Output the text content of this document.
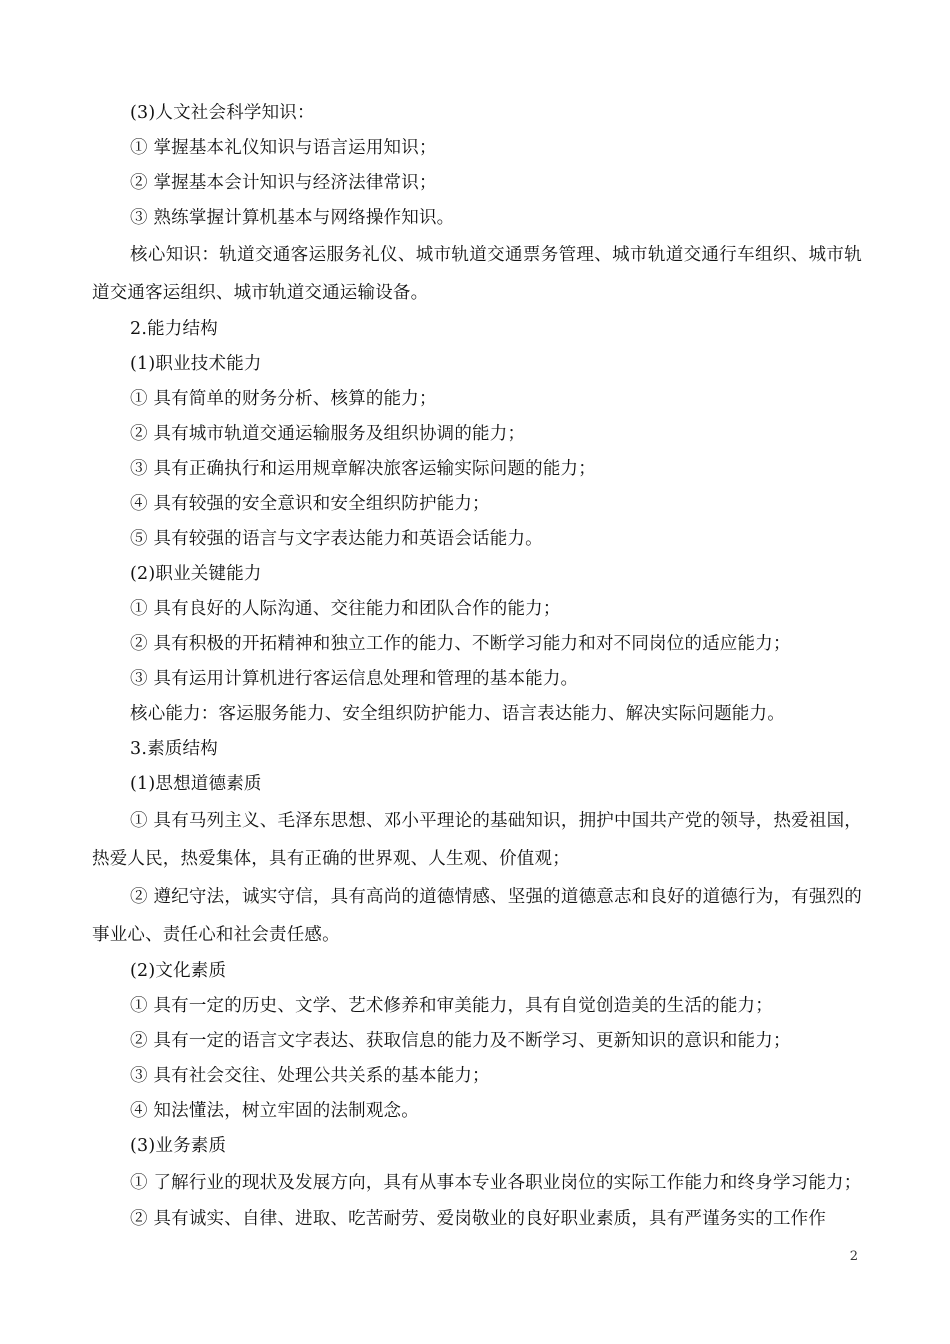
(3)人文社会科学知识：
① 掌握基本礼仪知识与语言运用知识；
② 掌握基本会计知识与经济法律常识；
③ 熟练掌握计算机基本与网络操作知识。
核心知识：轨道交通客运服务礼仪、城市轨道交通票务管理、城市轨道交通行车组织、城市轨道交通客运组织、城市轨道交通运输设备。
2.能力结构
(1)职业技术能力
① 具有简单的财务分析、核算的能力；
② 具有城市轨道交通运输服务及组织协调的能力；
③ 具有正确执行和运用规章解决旅客运输实际问题的能力；
④ 具有较强的安全意识和安全组织防护能力；
⑤ 具有较强的语言与文字表达能力和英语会话能力。
(2)职业关键能力
① 具有良好的人际沟通、交往能力和团队合作的能力；
② 具有积极的开拓精神和独立工作的能力、不断学习能力和对不同岗位的适应能力；
③ 具有运用计算机进行客运信息处理和管理的基本能力。
核心能力：客运服务能力、安全组织防护能力、语言表达能力、解决实际问题能力。
3.素质结构
(1)思想道德素质
① 具有马列主义、毛泽东思想、邓小平理论的基础知识，拥护中国共产党的领导，热爱祖国，热爱人民，热爱集体，具有正确的世界观、人生观、价值观；
② 遵纪守法，诚实守信，具有高尚的道德情感、坚强的道德意志和良好的道德行为，有强烈的事业心、责任心和社会责任感。
(2)文化素质
① 具有一定的历史、文学、艺术修养和审美能力，具有自觉创造美的生活的能力；
② 具有一定的语言文字表达、获取信息的能力及不断学习、更新知识的意识和能力；
③ 具有社会交往、处理公共关系的基本能力；
④ 知法懂法，树立牢固的法制观念。
(3)业务素质
① 了解行业的现状及发展方向，具有从事本专业各职业岗位的实际工作能力和终身学习能力；
② 具有诚实、自律、进取、吃苦耐劳、爱岗敬业的良好职业素质，具有严谨务实的工作作
2
